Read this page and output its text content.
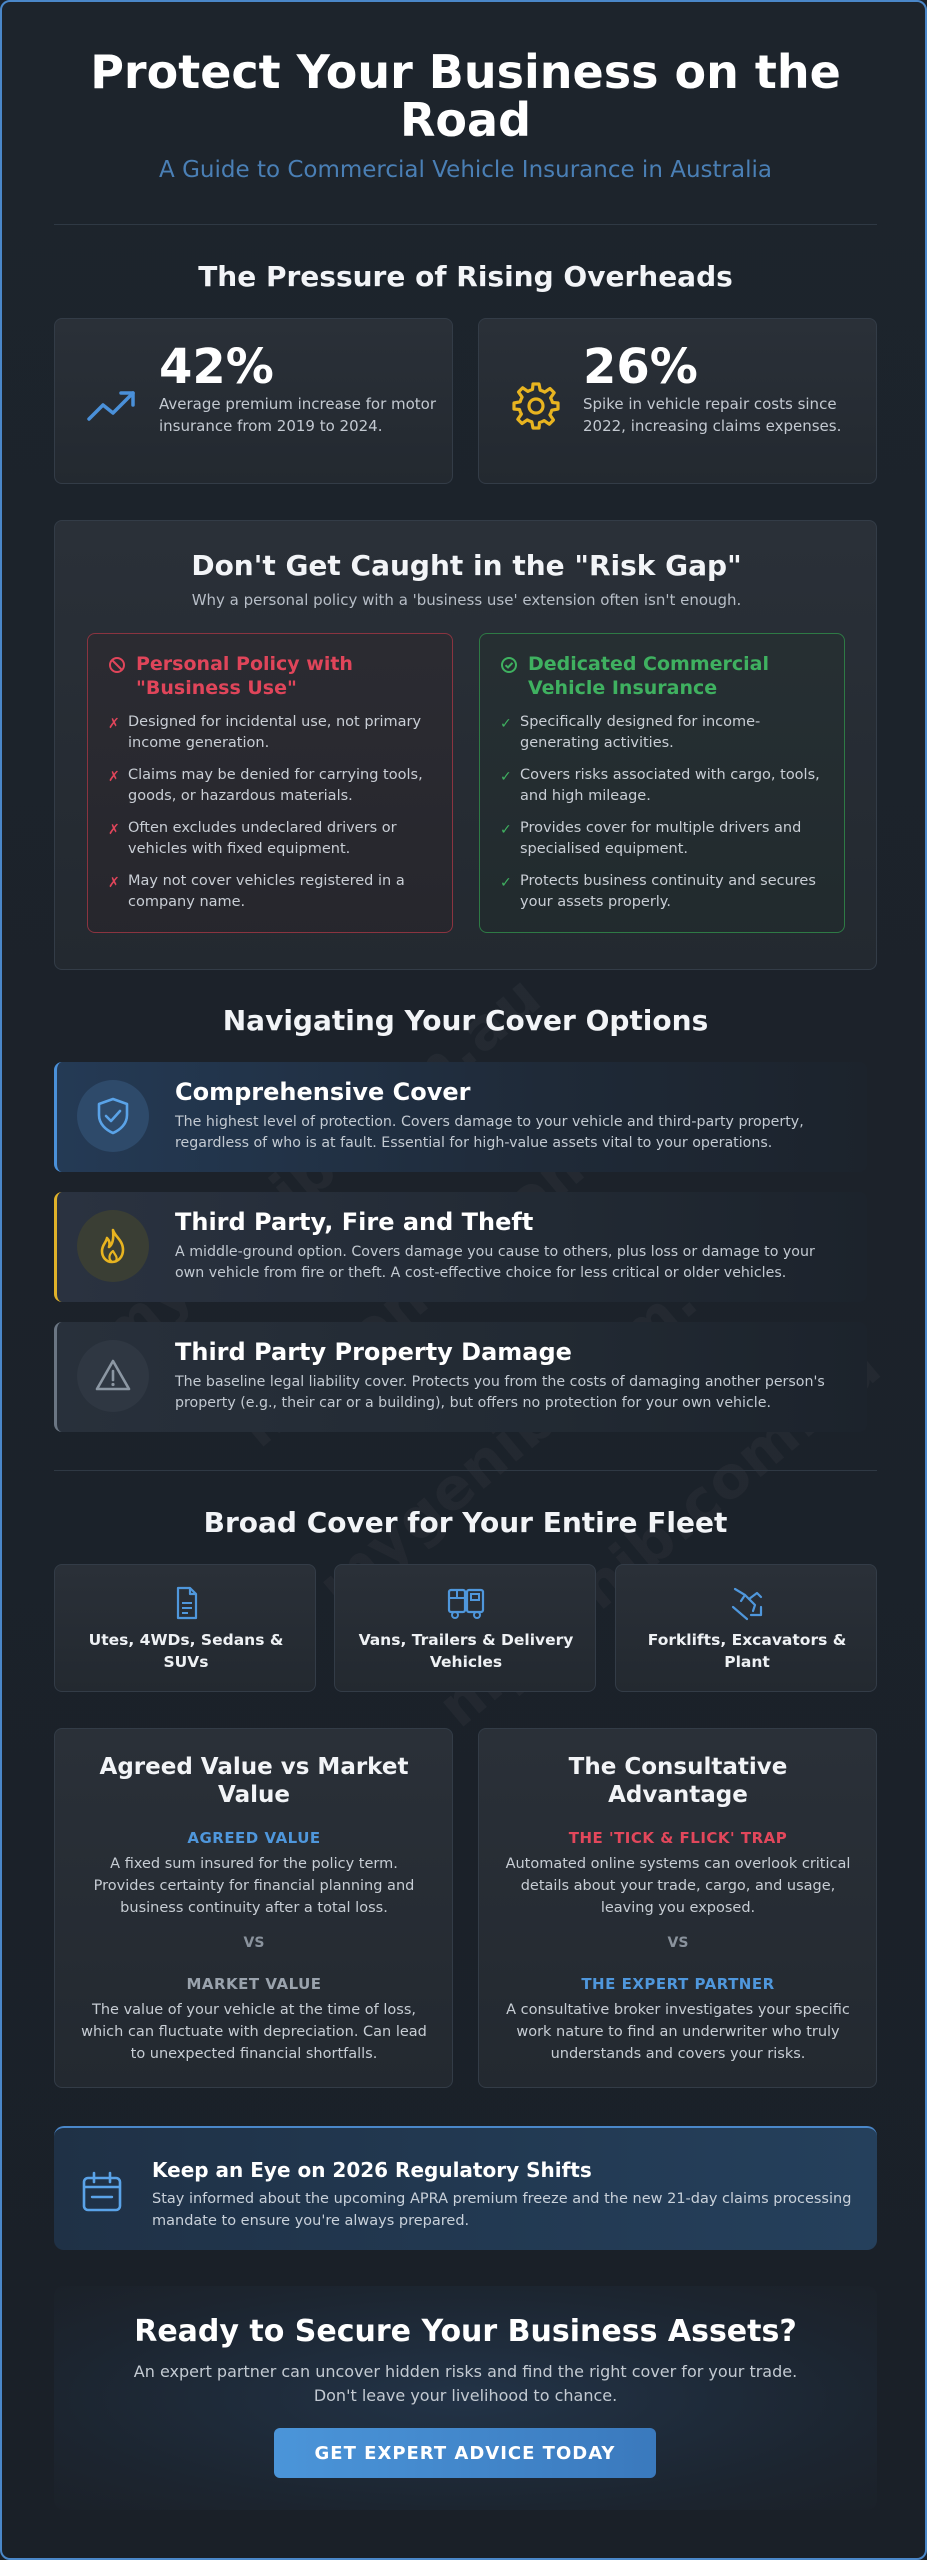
Protect Your Business on the Road
A Guide to Commercial Vehicle Insurance in Australia
The Pressure of Rising Overheads
42%
Average premium increase for motor insurance from 2019 to 2024.
26%
Spike in vehicle repair costs since 2022, increasing claims expenses.
Don't Get Caught in the "Risk Gap"
Why a personal policy with a 'business use' extension often isn't enough.
Personal Policy with "Business Use"
✗ Designed for incidental use, not primary income generation.
✗ Claims may be denied for carrying tools, goods, or hazardous materials.
✗ Often excludes undeclared drivers or vehicles with fixed equipment.
✗ May not cover vehicles registered in a company name.
Dedicated Commercial Vehicle Insurance
✓ Specifically designed for income-generating activities.
✓ Covers risks associated with cargo, tools, and high mileage.
✓ Provides cover for multiple drivers and specialised equipment.
✓ Protects business continuity and secures your assets properly.
Navigating Your Cover Options
Comprehensive Cover
The highest level of protection. Covers damage to your vehicle and third-party property, regardless of who is at fault. Essential for high-value assets vital to your operations.
Third Party, Fire and Theft
A middle-ground option. Covers damage you cause to others, plus loss or damage to your own vehicle from fire or theft. A cost-effective choice for less critical or older vehicles.
Third Party Property Damage
The baseline legal liability cover. Protects you from the costs of damaging another person's property (e.g., their car or a building), but offers no protection for your own vehicle.
Broad Cover for Your Entire Fleet
Utes, 4WDs, Sedans & SUVs
Vans, Trailers & Delivery Vehicles
Forklifts, Excavators & Plant
Agreed Value vs Market Value
AGREED VALUE
A fixed sum insured for the policy term. Provides certainty for financial planning and business continuity after a total loss.
VS
MARKET VALUE
The value of your vehicle at the time of loss, which can fluctuate with depreciation. Can lead to unexpected financial shortfalls.
The Consultative Advantage
THE 'TICK & FLICK' TRAP
Automated online systems can overlook critical details about your trade, cargo, and usage, leaving you exposed.
VS
THE EXPERT PARTNER
A consultative broker investigates your specific work nature to find an underwriter who truly understands and covers your risks.
Keep an Eye on 2026 Regulatory Shifts
Stay informed about the upcoming APRA premium freeze and the new 21-day claims processing mandate to ensure you're always prepared.
Ready to Secure Your Business Assets?
An expert partner can uncover hidden risks and find the right cover for your trade. Don't leave your livelihood to chance.
GET EXPERT ADVICE TODAY
